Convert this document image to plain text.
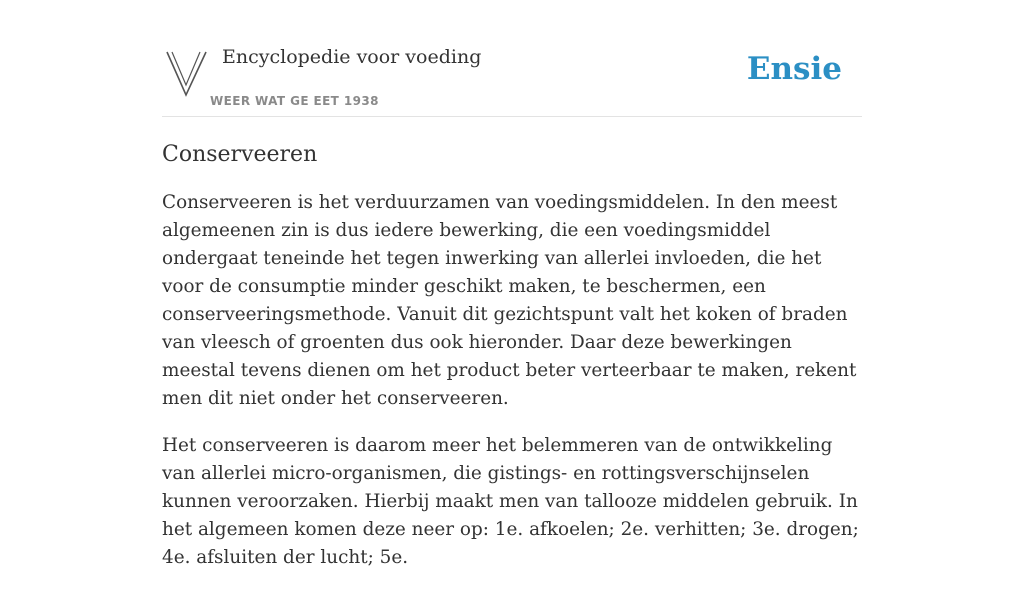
Encyclopedie voor voeding
WEER WAT GE EET 1938
Ensie
Conserveeren

Conserveeren is het verduurzamen van voedingsmiddelen. In den meest algemeenen zin is dus iedere bewerking, die een voedingsmiddel ondergaat teneinde het tegen inwerking van allerlei invloeden, die het voor de consumptie minder geschikt maken, te beschermen, een conserveeringsmethode. Vanuit dit gezichtspunt valt het koken of braden van vleesch of groenten dus ook hieronder. Daar deze bewerkingen meestal tevens dienen om het product beter verteerbaar te maken, rekent men dit niet onder het conserveeren.

Het conserveeren is daarom meer het belemmeren van de ontwikkeling van allerlei micro-organismen, die gistings- en rottingsverschijnselen kunnen veroorzaken. Hierbij maakt men van tallooze middelen gebruik. In het algemeen komen deze neer op: 1e. afkoelen; 2e. verhitten; 3e. drogen; 4e. afsluiten der lucht; 5e.
